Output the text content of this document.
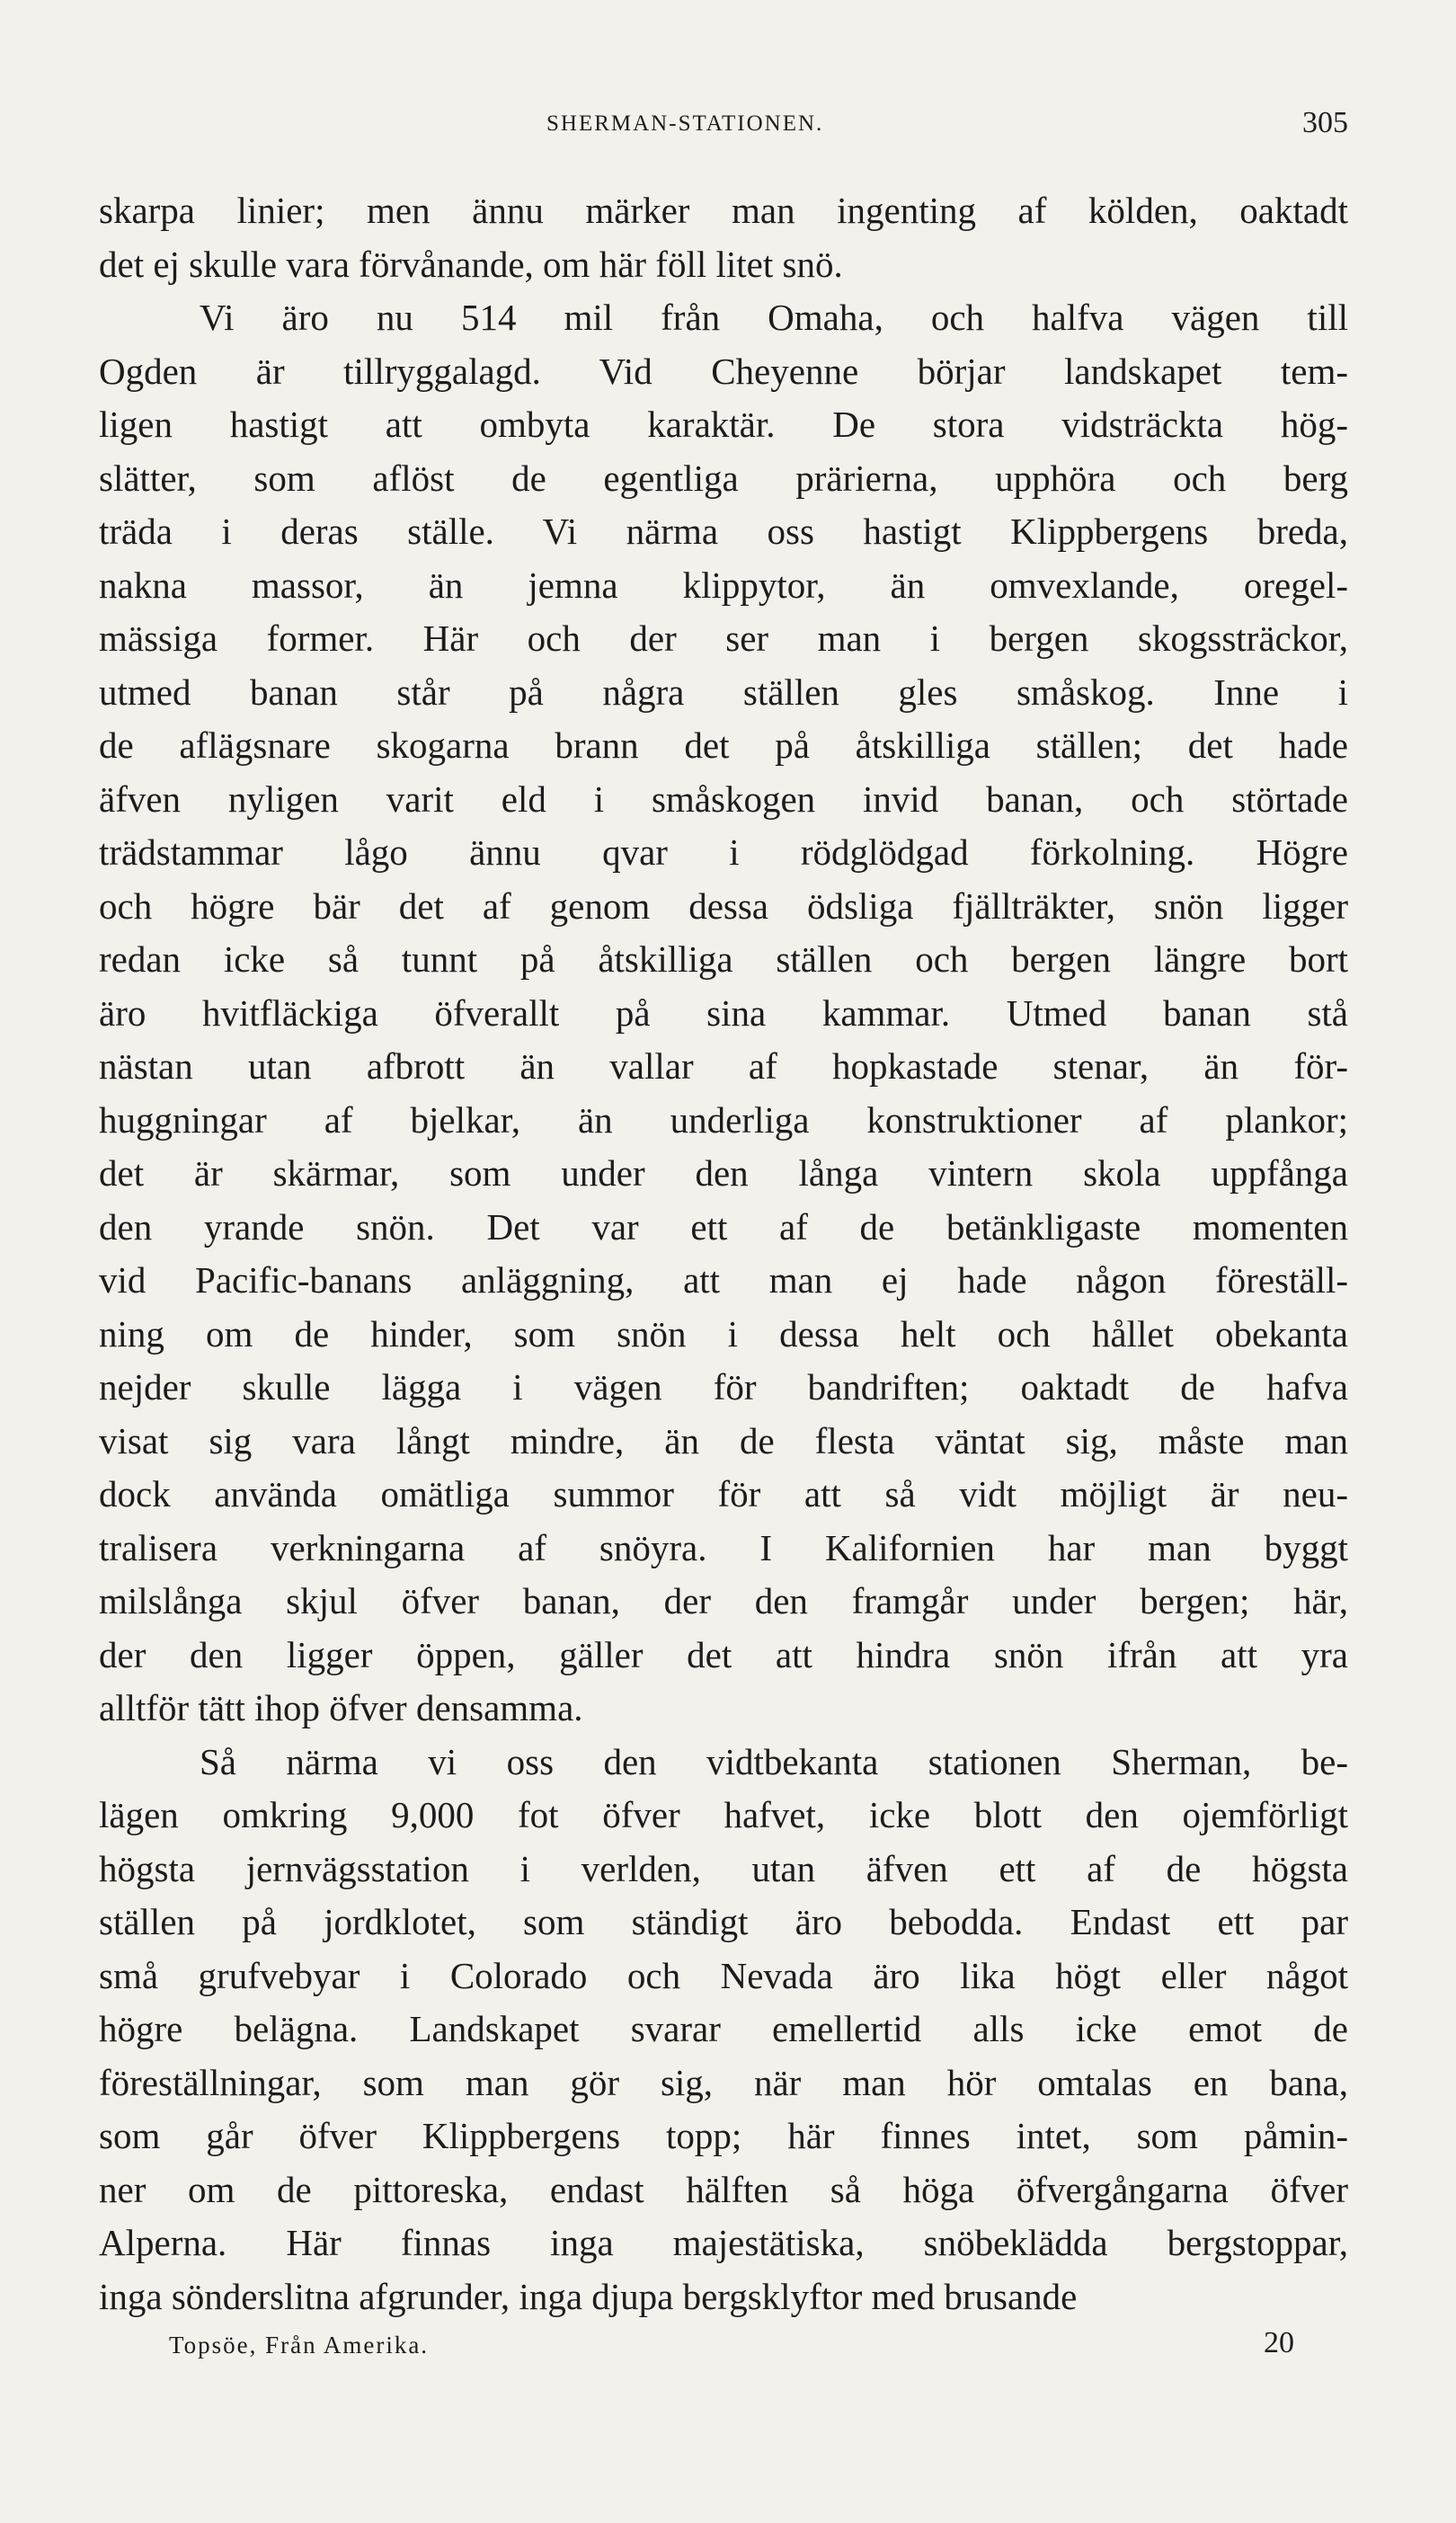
SHERMAN-STATIONEN.	305
skarpa linier; men ännu märker man ingenting af kölden, oaktadt
det ej skulle vara förvånande, om här föll litet snö.
Vi äro nu 514 mil från Omaha, och halfva vägen till
Ogden är tillryggalagd. Vid Cheyenne börjar landskapet tem-
ligen hastigt att ombyta karaktär. De stora vidsträckta hög-
slätter, som aflöst de egentliga prärierna, upphöra och berg
träda i deras ställe. Vi närma oss hastigt Klippbergens breda,
nakna massor, än jemna klippytor, än omvexlande, oregel-
mässiga former. Här och der ser man i bergen skogssträckor,
utmed banan står på några ställen gles småskog. Inne i
de aflägsnare skogarna brann det på åtskilliga ställen; det hade
äfven nyligen varit eld i småskogen invid banan, och störtade
trädstammar lågo ännu qvar i rödglödgad förkolning. Högre
och högre bär det af genom dessa ödsliga fjällträkter, snön ligger
redan icke så tunnt på åtskilliga ställen och bergen längre bort
äro hvitfläckiga öfverallt på sina kammar. Utmed banan stå
nästan utan afbrott än vallar af hopkastade stenar, än för-
huggningar af bjelkar, än underliga konstruktioner af plankor;
det är skärmar, som under den långa vintern skola uppfånga
den yrande snön. Det var ett af de betänkligaste momenten
vid Pacific-banans anläggning, att man ej hade någon föreställ-
ning om de hinder, som snön i dessa helt och hållet obekanta
nejder skulle lägga i vägen för bandriften; oaktadt de hafva
visat sig vara långt mindre, än de flesta väntat sig, måste man
dock använda omätliga summor för att så vidt möjligt är neu-
tralisera verkningarna af snöyra. I Kalifornien har man byggt
milslånga skjul öfver banan, der den framgår under bergen; här,
der den ligger öppen, gäller det att hindra snön ifrån att yra
alltför tätt ihop öfver densamma.
Så närma vi oss den vidtbekanta stationen Sherman, be-
lägen omkring 9,000 fot öfver hafvet, icke blott den ojemförligt
högsta jernvägsstation i verlden, utan äfven ett af de högsta
ställen på jordklotet, som ständigt äro bebodda. Endast ett par
små grufvebyar i Colorado och Nevada äro lika högt eller något
högre belägna. Landskapet svarar emellertid alls icke emot de
föreställningar, som man gör sig, när man hör omtalas en bana,
som går öfver Klippbergens topp; här finnes intet, som påmin-
ner om de pittoreska, endast hälften så höga öfvergångarna öfver
Alperna. Här finnas inga majestätiska, snöbeklädda bergstoppar,
inga sönderslitna afgrunder, inga djupa bergsklyftor med brusande
Topsöe, Från Amerika.	20
